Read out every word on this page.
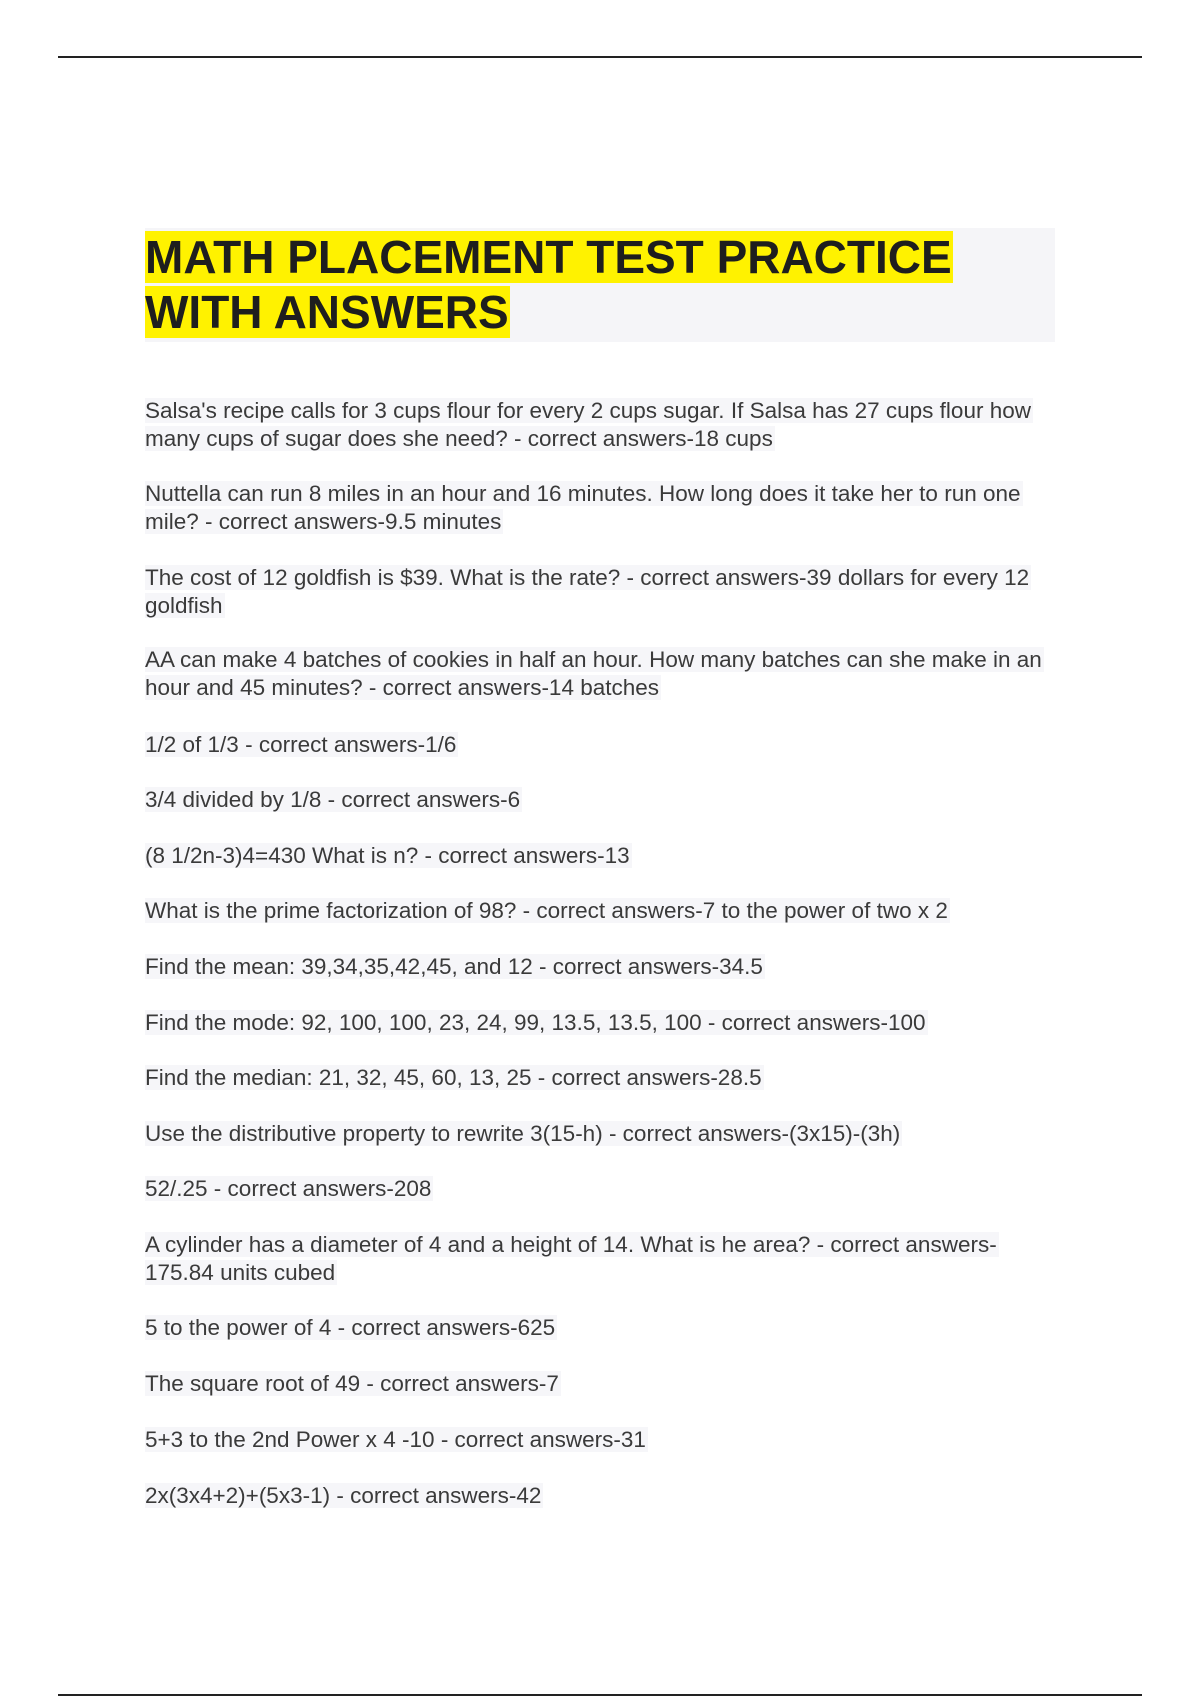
MATH PLACEMENT TEST PRACTICE
WITH ANSWERS
Salsa's recipe calls for 3 cups flour for every 2 cups sugar. If Salsa has 27 cups flour how many cups of sugar does she need? - correct answers-18 cups
Nuttella can run 8 miles in an hour and 16 minutes. How long does it take her to run one mile? - correct answers-9.5 minutes
The cost of 12 goldfish is $39. What is the rate? - correct answers-39 dollars for every 12 goldfish
AA can make 4 batches of cookies in half an hour. How many batches can she make in an hour and 45 minutes? - correct answers-14 batches
1/2 of 1/3 - correct answers-1/6
3/4 divided by 1/8 - correct answers-6
(8 1/2n-3)4=430 What is n? - correct answers-13
What is the prime factorization of 98? - correct answers-7 to the power of two x 2
Find the mean: 39,34,35,42,45, and 12 - correct answers-34.5
Find the mode: 92, 100, 100, 23, 24, 99, 13.5, 13.5, 100 - correct answers-100
Find the median: 21, 32, 45, 60, 13, 25 - correct answers-28.5
Use the distributive property to rewrite 3(15-h) - correct answers-(3x15)-(3h)
52/.25 - correct answers-208
A cylinder has a diameter of 4 and a height of 14. What is he area? - correct answers-175.84 units cubed
5 to the power of 4 - correct answers-625
The square root of 49 - correct answers-7
5+3 to the 2nd Power x 4 -10 - correct answers-31
2x(3x4+2)+(5x3-1) - correct answers-42
